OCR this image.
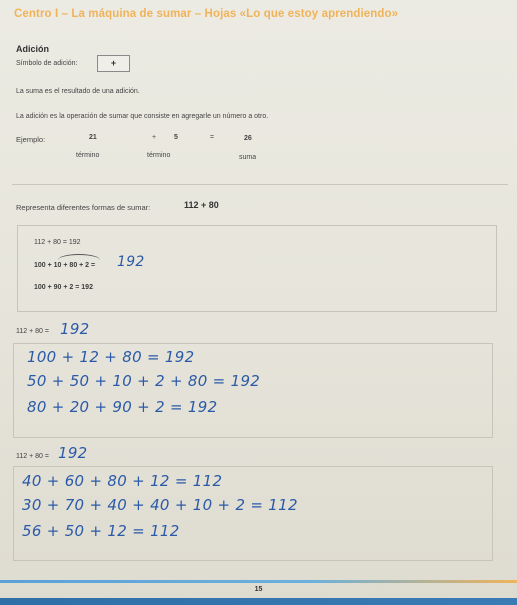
Centro I – La máquina de sumar – Hojas «Lo que estoy aprendiendo»
Adición
Símbolo de adición:	+
La suma es el resultado de una adición.
La adición es la operación de sumar que consiste en agregarle un número a otro.
Ejemplo:	21	+	5	=	26
término	término	suma
Representa diferentes formas de sumar:	112 + 80
112 + 80 = 192
100 + 10 + 80 + 2 = 192
100 + 90 + 2 = 192
112 + 80 = 192
100 + 12 + 80 = 192
50 + 50 + 10 + 2 + 80 = 192
80 + 20 + 90 + 2 = 192
112 + 80 = 192
40 + 60 + 80 + 12 = 112
30 + 70 + 40 + 40 + 10 + 2 = 112
56 + 50 + 12 = 112
15
